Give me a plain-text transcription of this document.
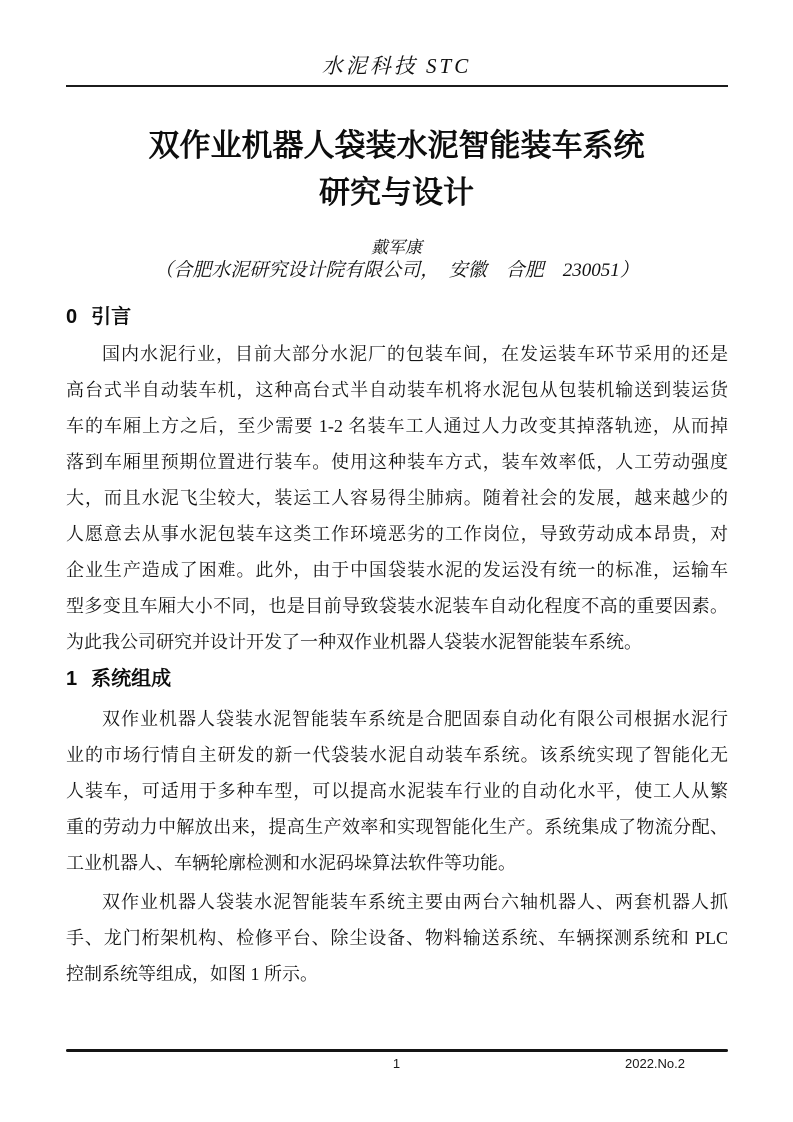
水泥科技 STC
双作业机器人袋装水泥智能装车系统
研究与设计
戴军康
（合肥水泥研究设计院有限公司，　安徽　合肥　230051）
0 引言
国内水泥行业，目前大部分水泥厂的包装车间，在发运装车环节采用的还是
高台式半自动装车机，这种高台式半自动装车机将水泥包从包装机输送到装运货
车的车厢上方之后，至少需要 1-2 名装车工人通过人力改变其掉落轨迹，从而掉
落到车厢里预期位置进行装车。使用这种装车方式，装车效率低，人工劳动强度
大，而且水泥飞尘较大，装运工人容易得尘肺病。随着社会的发展，越来越少的
人愿意去从事水泥包装车这类工作环境恶劣的工作岗位，导致劳动成本昂贵，对
企业生产造成了困难。此外，由于中国袋装水泥的发运没有统一的标准，运输车
型多变且车厢大小不同，也是目前导致袋装水泥装车自动化程度不高的重要因素。
为此我公司研究并设计开发了一种双作业机器人袋装水泥智能装车系统。
1 系统组成
双作业机器人袋装水泥智能装车系统是合肥固泰自动化有限公司根据水泥行
业的市场行情自主研发的新一代袋装水泥自动装车系统。该系统实现了智能化无
人装车，可适用于多种车型，可以提高水泥装车行业的自动化水平，使工人从繁
重的劳动力中解放出来，提高生产效率和实现智能化生产。系统集成了物流分配、
工业机器人、车辆轮廓检测和水泥码垛算法软件等功能。
双作业机器人袋装水泥智能装车系统主要由两台六轴机器人、两套机器人抓
手、龙门桁架机构、检修平台、除尘设备、物料输送系统、车辆探测系统和 PLC
控制系统等组成，如图 1 所示。
1	2022.No.2
